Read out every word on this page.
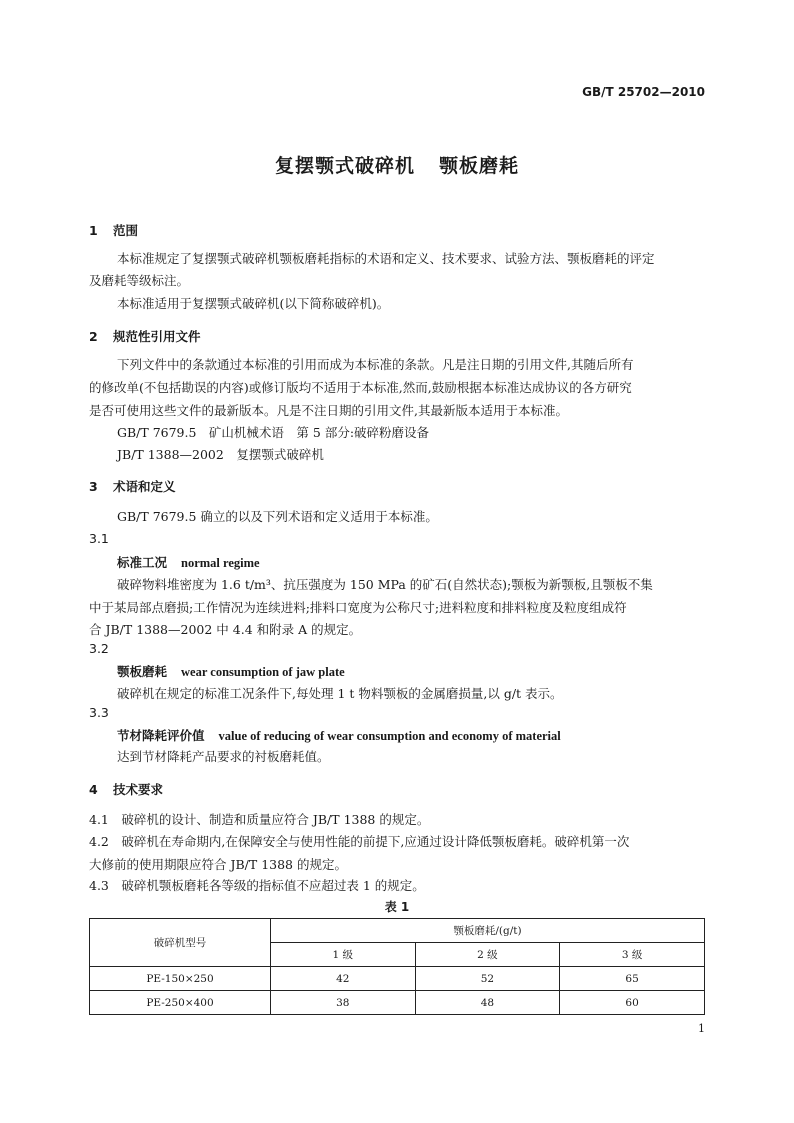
GB/T 25702—2010
复摆颚式破碎机 颚板磨耗
1 范围
本标准规定了复摆颚式破碎机颚板磨耗指标的术语和定义、技术要求、试验方法、颚板磨耗的评定
及磨耗等级标注。
本标准适用于复摆颚式破碎机(以下简称破碎机)。
2 规范性引用文件
下列文件中的条款通过本标准的引用而成为本标准的条款。凡是注日期的引用文件,其随后所有
的修改单(不包括勘误的内容)或修订版均不适用于本标准,然而,鼓励根据本标准达成协议的各方研究
是否可使用这些文件的最新版本。凡是不注日期的引用文件,其最新版本适用于本标准。
GB/T 7679.5　矿山机械术语　第 5 部分:破碎粉磨设备
JB/T 1388—2002　复摆颚式破碎机
3 术语和定义
GB/T 7679.5 确立的以及下列术语和定义适用于本标准。
3.1
标准工况 normal regime
破碎物料堆密度为 1.6 t/m³、抗压强度为 150 MPa 的矿石(自然状态);颚板为新颚板,且颚板不集
中于某局部点磨损;工作情况为连续进料;排料口宽度为公称尺寸;进料粒度和排料粒度及粒度组成符
合 JB/T 1388—2002 中 4.4 和附录 A 的规定。
3.2
颚板磨耗 wear consumption of jaw plate
破碎机在规定的标准工况条件下,每处理 1 t 物料颚板的金属磨损量,以 g/t 表示。
3.3
节材降耗评价值 value of reducing of wear consumption and economy of material
达到节材降耗产品要求的衬板磨耗值。
4 技术要求
4.1　破碎机的设计、制造和质量应符合 JB/T 1388 的规定。
4.2　破碎机在寿命期内,在保障安全与使用性能的前提下,应通过设计降低颚板磨耗。破碎机第一次
大修前的使用期限应符合 JB/T 1388 的规定。
4.3　破碎机颚板磨耗各等级的指标值不应超过表 1 的规定。
表 1
破碎机型号	颚板磨耗/(g/t)		
	1 级	2 级	3 级
PE-150×250	42	52	65
PE-250×400	38	48	60
1
